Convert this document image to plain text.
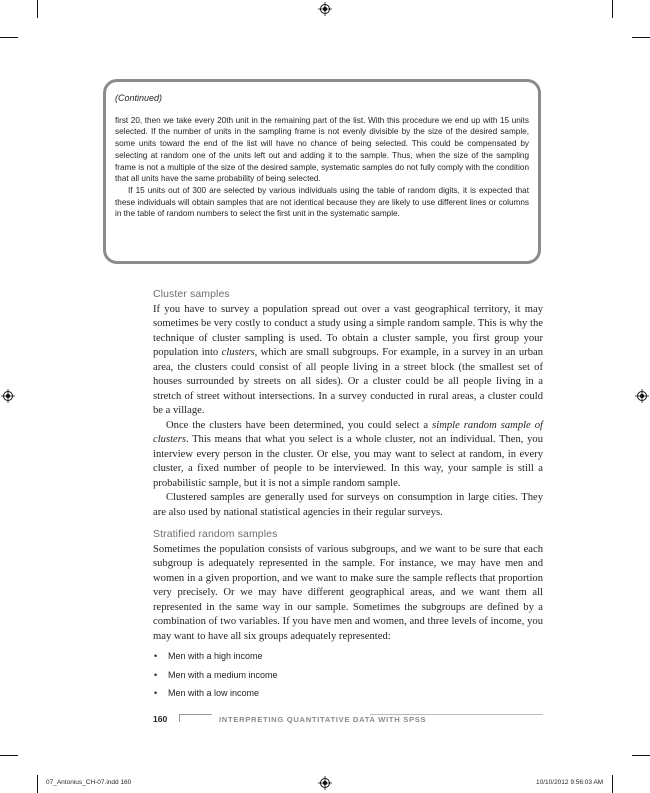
(Continued)

first 20, then we take every 20th unit in the remaining part of the list. With this procedure we end up with 15 units selected. If the number of units in the sampling frame is not evenly divisible by the size of the desired sample, some units toward the end of the list will have no chance of being selected. This could be compensated by selecting at random one of the units left out and adding it to the sample. Thus, when the size of the sampling frame is not a multiple of the size of the desired sample, systematic samples do not fully comply with the condition that all units have the same probability of being selected.

If 15 units out of 300 are selected by various individuals using the table of random digits, it is expected that these individuals will obtain samples that are not identical because they are likely to use different lines or columns in the table of random numbers to select the first unit in the systematic sample.

Cluster samples

If you have to survey a population spread out over a vast geographical territory, it may sometimes be very costly to conduct a study using a simple random sample. This is why the technique of cluster sampling is used. To obtain a cluster sample, you first group your population into clusters, which are small subgroups. For example, in a survey in an urban area, the clusters could consist of all people living in a street block (the smallest set of houses surrounded by streets on all sides). Or a cluster could be all people living in a stretch of street without intersections. In a survey conducted in rural areas, a cluster could be a village.

Once the clusters have been determined, you could select a simple random sample of clusters. This means that what you select is a whole cluster, not an individual. Then, you interview every person in the cluster. Or else, you may want to select at random, in every cluster, a fixed number of people to be interviewed. In this way, your sample is still a probabilistic sample, but it is not a simple random sample.

Clustered samples are generally used for surveys on consumption in large cities. They are also used by national statistical agencies in their regular surveys.

Stratified random samples

Sometimes the population consists of various subgroups, and we want to be sure that each subgroup is adequately represented in the sample. For instance, we may have men and women in a given proportion, and we want to make sure the sample reflects that proportion very precisely. Or we may have different geographical areas, and we want them all represented in the same way in our sample. Sometimes the subgroups are defined by a combination of two variables. If you have men and women, and three levels of income, you may want to have all six groups adequately represented:

• Men with a high income
• Men with a medium income
• Men with a low income
160	INTERPRETING QUANTITATIVE DATA WITH SPSS
07_Antonius_CH-07.indd 160	10/10/2012 9:56:03 AM
